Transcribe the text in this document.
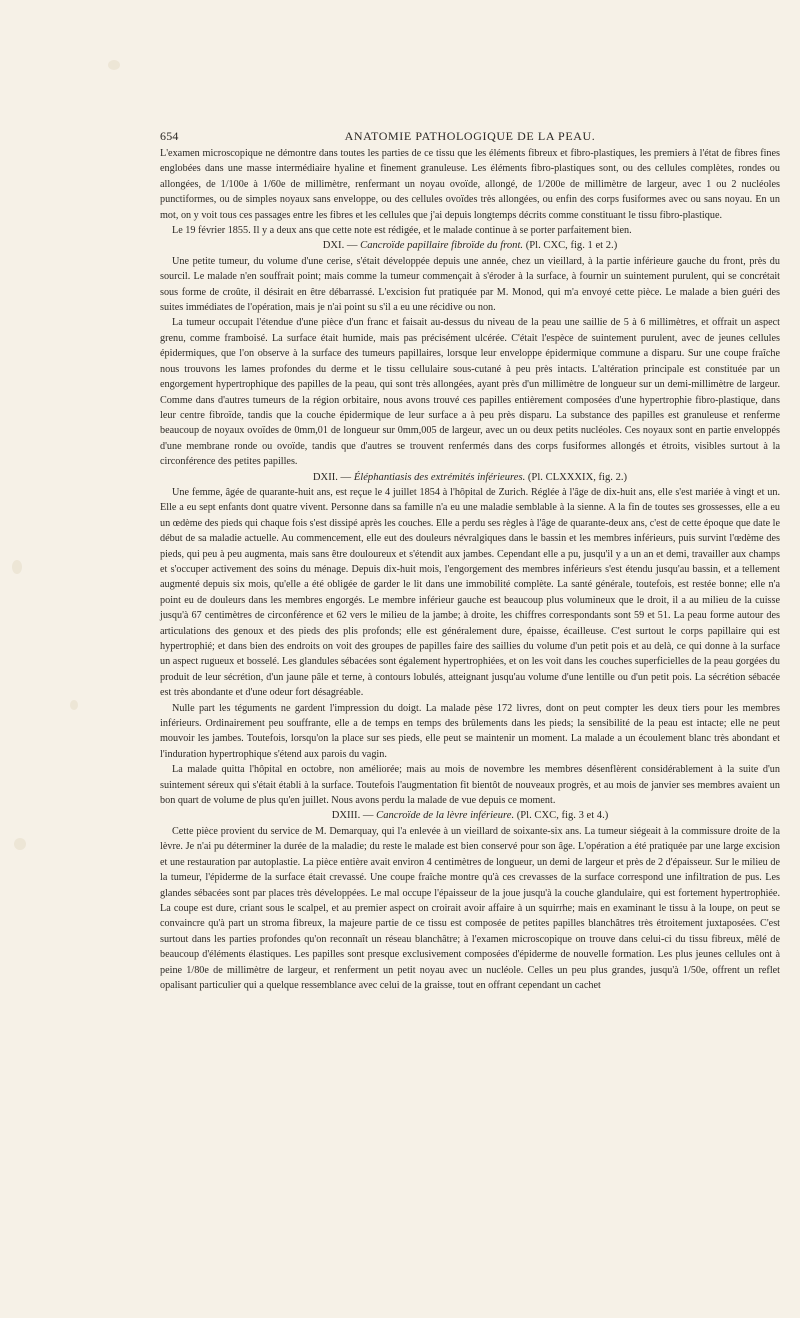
654	ANATOMIE PATHOLOGIQUE DE LA PEAU.

L'examen microscopique ne démontre dans toutes les parties de ce tissu que les éléments fibreux et fibro-plastiques, les premiers à l'état de fibres fines englobées dans une masse intermédiaire hyaline et finement granuleuse. Les éléments fibro-plastiques sont, ou des cellules complètes, rondes ou allongées, de 1/100e à 1/60e de millimètre, renfermant un noyau ovoïde, allongé, de 1/200e de millimètre de largeur, avec 1 ou 2 nucléoles punctiformes, ou de simples noyaux sans enveloppe, ou des cellules ovoïdes très allongées, ou enfin des corps fusiformes avec ou sans noyau. En un mot, on y voit tous ces passages entre les fibres et les cellules que j'ai depuis longtemps décrits comme constituant le tissu fibro-plastique.

Le 19 février 1855. Il y a deux ans que cette note est rédigée, et le malade continue à se porter parfaitement bien.

DXI. — Cancroïde papillaire fibroïde du front. (Pl. CXC, fig. 1 et 2.)

Une petite tumeur, du volume d'une cerise, s'était développée depuis une année, chez un vieillard, à la partie inférieure gauche du front, près du sourcil. Le malade n'en souffrait point; mais comme la tumeur commençait à s'éroder à la surface, à fournir un suintement purulent, qui se concrétait sous forme de croûte, il désirait en être débarrassé. L'excision fut pratiquée par M. Monod, qui m'a envoyé cette pièce. Le malade a bien guéri des suites immédiates de l'opération, mais je n'ai point su s'il a eu une récidive ou non.

La tumeur occupait l'étendue d'une pièce d'un franc et faisait au-dessus du niveau de la peau une saillie de 5 à 6 millimètres, et offrait un aspect grenu, comme framboisé. La surface était humide, mais pas précisément ulcérée. C'était l'espèce de suintement purulent, avec de jeunes cellules épidermiques, que l'on observe à la surface des tumeurs papillaires, lorsque leur enveloppe épidermique commune a disparu. Sur une coupe fraîche nous trouvons les lames profondes du derme et le tissu cellulaire sous-cutané à peu près intacts. L'altération principale est constituée par un engorgement hypertrophique des papilles de la peau, qui sont très allongées, ayant près d'un millimètre de longueur sur un demi-millimètre de largeur. Comme dans d'autres tumeurs de la région orbitaire, nous avons trouvé ces papilles entièrement composées d'une hypertrophie fibro-plastique, dans leur centre fibroïde, tandis que la couche épidermique de leur surface a à peu près disparu. La substance des papilles est granuleuse et renferme beaucoup de noyaux ovoïdes de 0mm,01 de longueur sur 0mm,005 de largeur, avec un ou deux petits nucléoles. Ces noyaux sont en partie enveloppés d'une membrane ronde ou ovoïde, tandis que d'autres se trouvent renfermés dans des corps fusiformes allongés et étroits, visibles surtout à la circonférence des petites papilles.

DXII. — Éléphantiasis des extrémités inférieures. (Pl. CLXXXIX, fig. 2.)

Une femme, âgée de quarante-huit ans, est reçue le 4 juillet 1854 à l'hôpital de Zurich. Réglée à l'âge de dix-huit ans, elle s'est mariée à vingt et un. Elle a eu sept enfants dont quatre vivent. Personne dans sa famille n'a eu une maladie semblable à la sienne. A la fin de toutes ses grossesses, elle a eu un œdème des pieds qui chaque fois s'est dissipé après les couches. Elle a perdu ses règles à l'âge de quarante-deux ans, c'est de cette époque que date le début de sa maladie actuelle. Au commencement, elle eut des douleurs névralgiques dans le bassin et les membres inférieurs, puis survint l'œdème des pieds, qui peu à peu augmenta, mais sans être douloureux et s'étendit aux jambes. Cependant elle a pu, jusqu'il y a un an et demi, travailler aux champs et s'occuper activement des soins du ménage. Depuis dix-huit mois, l'engorgement des membres inférieurs s'est étendu jusqu'au bassin, et a tellement augmenté depuis six mois, qu'elle a été obligée de garder le lit dans une immobilité complète. La santé générale, toutefois, est restée bonne; elle n'a point eu de douleurs dans les membres engorgés. Le membre inférieur gauche est beaucoup plus volumineux que le droit, il a au milieu de la cuisse jusqu'à 67 centimètres de circonférence et 62 vers le milieu de la jambe; à droite, les chiffres correspondants sont 59 et 51. La peau forme autour des articulations des genoux et des pieds des plis profonds; elle est généralement dure, épaisse, écailleuse. C'est surtout le corps papillaire qui est hypertrophié; et dans bien des endroits on voit des groupes de papilles faire des saillies du volume d'un petit pois et au delà, ce qui donne à la surface un aspect rugueux et bosselé. Les glandules sébacées sont également hypertrophiées, et on les voit dans les couches superficielles de la peau gorgées du produit de leur sécrétion, d'un jaune pâle et terne, à contours lobulés, atteignant jusqu'au volume d'une lentille ou d'un petit pois. La sécrétion sébacée est très abondante et d'une odeur fort désagréable.

Nulle part les téguments ne gardent l'impression du doigt. La malade pèse 172 livres, dont on peut compter les deux tiers pour les membres inférieurs. Ordinairement peu souffrante, elle a de temps en temps des brûlements dans les pieds; la sensibilité de la peau est intacte; elle ne peut mouvoir les jambes. Toutefois, lorsqu'on la place sur ses pieds, elle peut se maintenir un moment. La malade a un écoulement blanc très abondant et l'induration hypertrophique s'étend aux parois du vagin.

La malade quitta l'hôpital en octobre, non améliorée; mais au mois de novembre les membres désenflèrent considérablement à la suite d'un suintement séreux qui s'était établi à la surface. Toutefois l'augmentation fit bientôt de nouveaux progrès, et au mois de janvier ses membres avaient un bon quart de volume de plus qu'en juillet. Nous avons perdu la malade de vue depuis ce moment.

DXIII. — Cancroïde de la lèvre inférieure. (Pl. CXC, fig. 3 et 4.)

Cette pièce provient du service de M. Demarquay, qui l'a enlevée à un vieillard de soixante-six ans. La tumeur siégeait à la commissure droite de la lèvre. Je n'ai pu déterminer la durée de la maladie; du reste le malade est bien conservé pour son âge. L'opération a été pratiquée par une large excision et une restauration par autoplastie. La pièce entière avait environ 4 centimètres de longueur, un demi de largeur et près de 2 d'épaisseur. Sur le milieu de la tumeur, l'épiderme de la surface était crevassé. Une coupe fraîche montre qu'à ces crevasses de la surface correspond une infiltration de pus. Les glandes sébacées sont par places très développées. Le mal occupe l'épaisseur de la joue jusqu'à la couche glandulaire, qui est fortement hypertrophiée. La coupe est dure, criant sous le scalpel, et au premier aspect on croirait avoir affaire à un squirrhe; mais en examinant le tissu à la loupe, on peut se convaincre qu'à part un stroma fibreux, la majeure partie de ce tissu est composée de petites papilles blanchâtres très étroitement juxtaposées. C'est surtout dans les parties profondes qu'on reconnaît un réseau blanchâtre; à l'examen microscopique on trouve dans celui-ci du tissu fibreux, mêlé de beaucoup d'éléments élastiques. Les papilles sont presque exclusivement composées d'épiderme de nouvelle formation. Les plus jeunes cellules ont à peine 1/80e de millimètre de largeur, et renferment un petit noyau avec un nucléole. Celles un peu plus grandes, jusqu'à 1/50e, offrent un reflet opalisant particulier qui a quelque ressemblance avec celui de la graisse, tout en offrant cependant un cachet
